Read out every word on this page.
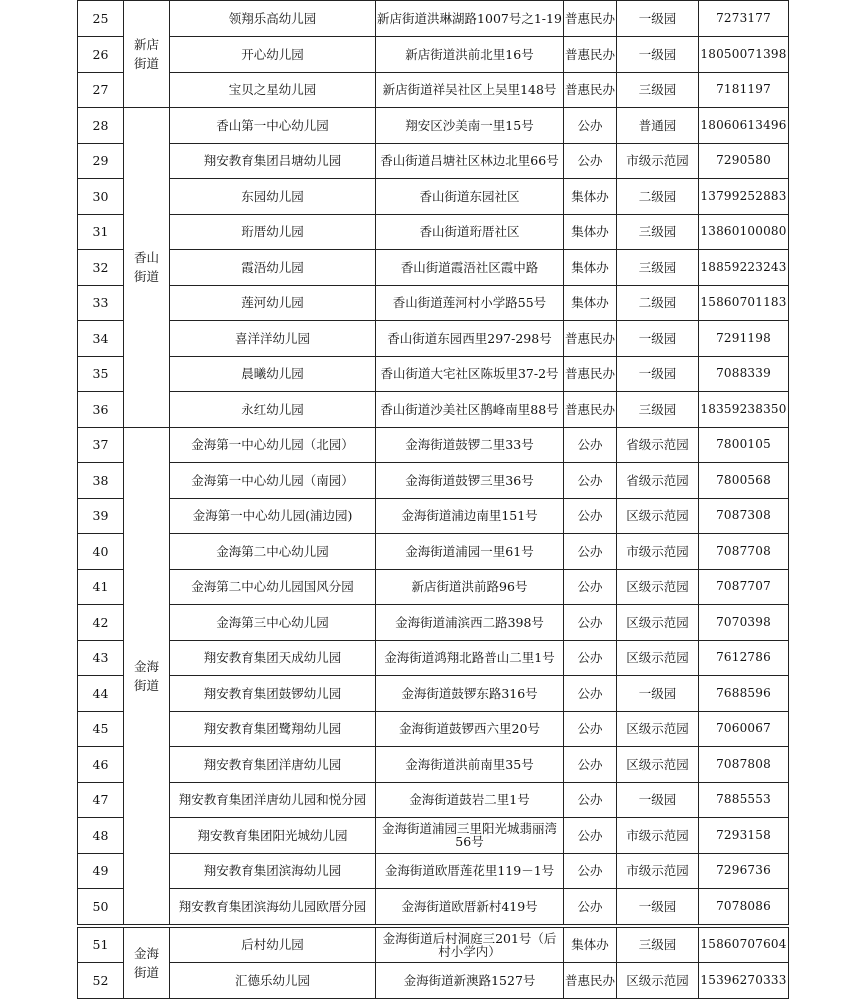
25	新店街道	领翔乐高幼儿园	新店街道洪琳湖路1007号之1-19	普惠民办	一级园	7273177
26		开心幼儿园	新店街道洪前北里16号	普惠民办	一级园	18050071398
27		宝贝之星幼儿园	新店街道祥吴社区上吴里148号	普惠民办	三级园	7181197
28	香山街道	香山第一中心幼儿园	翔安区沙美南一里15号	公办	普通园	18060613496
29		翔安教育集团吕塘幼儿园	香山街道吕塘社区林边北里66号	公办	市级示范园	7290580
30		东园幼儿园	香山街道东园社区	集体办	二级园	13799252883
31		珩厝幼儿园	香山街道珩厝社区	集体办	三级园	13860100080
32		霞浯幼儿园	香山街道霞浯社区霞中路	集体办	三级园	18859223243
33		莲河幼儿园	香山街道莲河村小学路55号	集体办	二级园	15860701183
34		喜洋洋幼儿园	香山街道东园西里297-298号	普惠民办	一级园	7291198
35		晨曦幼儿园	香山街道大宅社区陈坂里37-2号	普惠民办	一级园	7088339
36		永红幼儿园	香山街道沙美社区鹊峰南里88号	普惠民办	三级园	18359238350
37	金海街道	金海第一中心幼儿园（北园）	金海街道鼓锣二里33号	公办	省级示范园	7800105
38		金海第一中心幼儿园（南园）	金海街道鼓锣三里36号	公办	省级示范园	7800568
39		金海第一中心幼儿园(浦边园)	金海街道浦边南里151号	公办	区级示范园	7087308
40		金海第二中心幼儿园	金海街道浦园一里61号	公办	市级示范园	7087708
41		金海第二中心幼儿园国风分园	新店街道洪前路96号	公办	区级示范园	7087707
42		金海第三中心幼儿园	金海街道浦滨西二路398号	公办	区级示范园	7070398
43		翔安教育集团天成幼儿园	金海街道鸿翔北路普山二里1号	公办	区级示范园	7612786
44		翔安教育集团鼓锣幼儿园	金海街道鼓锣东路316号	公办	一级园	7688596
45		翔安教育集团鹭翔幼儿园	金海街道鼓锣西六里20号	公办	区级示范园	7060067
46		翔安教育集团洋唐幼儿园	金海街道洪前南里35号	公办	区级示范园	7087808
47		翔安教育集团洋唐幼儿园和悦分园	金海街道鼓岩二里1号	公办	一级园	7885553
48		翔安教育集团阳光城幼儿园	金海街道浦园三里阳光城翡丽湾56号	公办	市级示范园	7293158
49		翔安教育集团滨海幼儿园	金海街道欧厝莲花里119－1号	公办	市级示范园	7296736
50		翔安教育集团滨海幼儿园欧厝分园	金海街道欧厝新村419号	公办	一级园	7078086

51	金海街道	后村幼儿园	金海街道后村洞庭三201号（后村小学内）	集体办	三级园	15860707604
52		汇德乐幼儿园	金海街道新澳路1527号	普惠民办	区级示范园	15396270333
